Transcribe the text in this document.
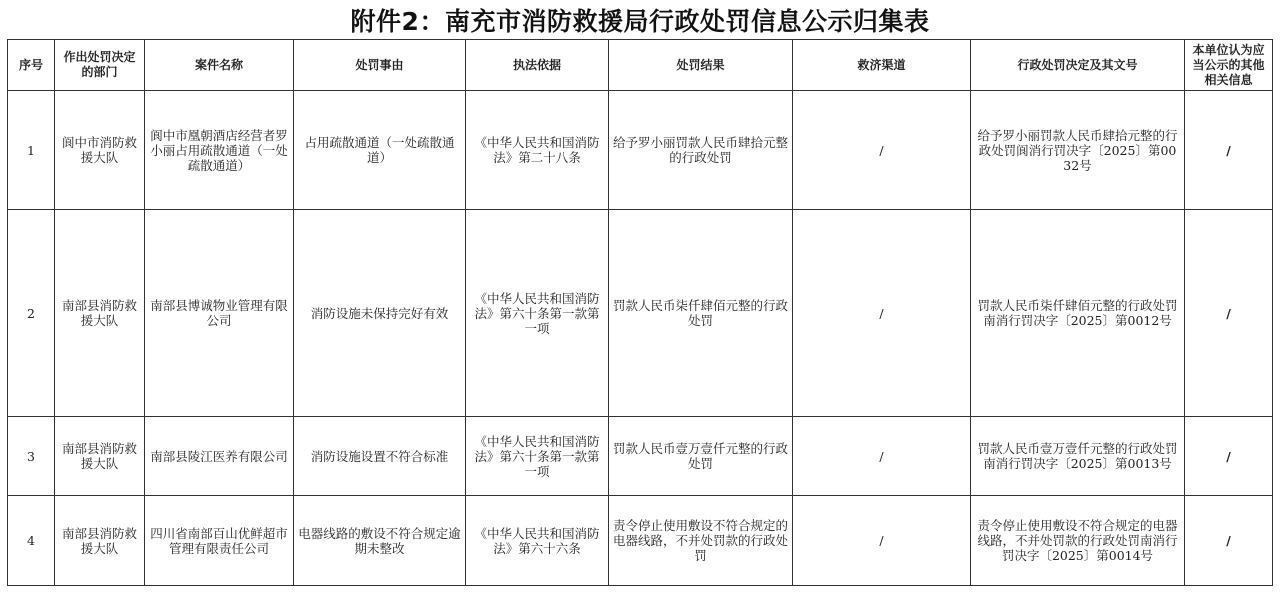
附件2：南充市消防救援局行政处罚信息公示归集表
序号	作出处罚决定的部门	案件名称	处罚事由	执法依据	处罚结果	救济渠道	行政处罚决定及其文号	本单位认为应当公示的其他相关信息
1	阆中市消防救援大队	阆中市凰朝酒店经营者罗小丽占用疏散通道（一处疏散通道）	占用疏散通道（一处疏散通道）	《中华人民共和国消防法》第二十八条	给予罗小丽罚款人民币肆拾元整的行政处罚	/	给予罗小丽罚款人民币肆拾元整的行政处罚阆消行罚决字〔2025〕第0032号	/
2	南部县消防救援大队	南部县博诚物业管理有限公司	消防设施未保持完好有效	《中华人民共和国消防法》第六十条第一款第一项	罚款人民币柒仟肆佰元整的行政处罚	/	罚款人民币柒仟肆佰元整的行政处罚南消行罚决字〔2025〕第0012号	/
3	南部县消防救援大队	南部县陵江医养有限公司	消防设施设置不符合标准	《中华人民共和国消防法》第六十条第一款第一项	罚款人民币壹万壹仟元整的行政处罚	/	罚款人民币壹万壹仟元整的行政处罚南消行罚决字〔2025〕第0013号	/
4	南部县消防救援大队	四川省南部百山优鲜超市管理有限责任公司	电器线路的敷设不符合规定逾期未整改	《中华人民共和国消防法》第六十六条	责令停止使用敷设不符合规定的电器线路，不并处罚款的行政处罚	/	责令停止使用敷设不符合规定的电器线路，不并处罚款的行政处罚南消行罚决字〔2025〕第0014号	/
